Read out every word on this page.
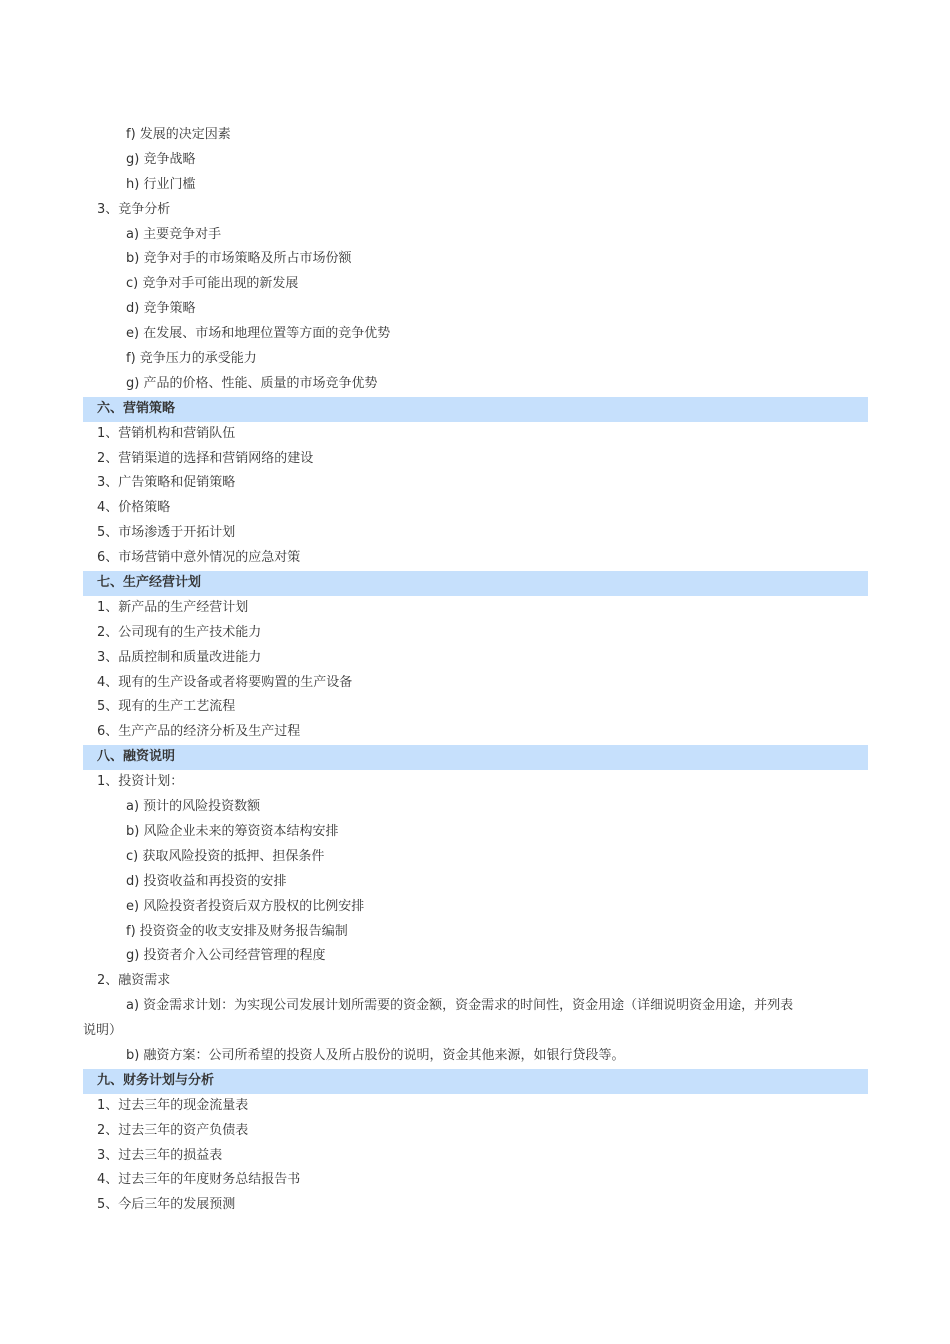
f) 发展的决定因素
g) 竞争战略
h) 行业门槛
3、竞争分析
a) 主要竞争对手
b) 竞争对手的市场策略及所占市场份额
c) 竞争对手可能出现的新发展
d) 竞争策略
e) 在发展、市场和地理位置等方面的竞争优势
f) 竞争压力的承受能力
g) 产品的价格、性能、质量的市场竞争优势
六、营销策略
1、营销机构和营销队伍
2、营销渠道的选择和营销网络的建设
3、广告策略和促销策略
4、价格策略
5、市场渗透于开拓计划
6、市场营销中意外情况的应急对策
七、生产经营计划
1、新产品的生产经营计划
2、公司现有的生产技术能力
3、品质控制和质量改进能力
4、现有的生产设备或者将要购置的生产设备
5、现有的生产工艺流程
6、生产产品的经济分析及生产过程
八、融资说明
1、投资计划：
a) 预计的风险投资数额
b) 风险企业未来的筹资资本结构安排
c) 获取风险投资的抵押、担保条件
d) 投资收益和再投资的安排
e) 风险投资者投资后双方股权的比例安排
f) 投资资金的收支安排及财务报告编制
g) 投资者介入公司经营管理的程度
2、融资需求
a) 资金需求计划：为实现公司发展计划所需要的资金额，资金需求的时间性，资金用途（详细说明资金用途，并列表
说明）
b) 融资方案：公司所希望的投资人及所占股份的说明，资金其他来源，如银行贷段等。
九、财务计划与分析
1、过去三年的现金流量表
2、过去三年的资产负债表
3、过去三年的损益表
4、过去三年的年度财务总结报告书
5、今后三年的发展预测
